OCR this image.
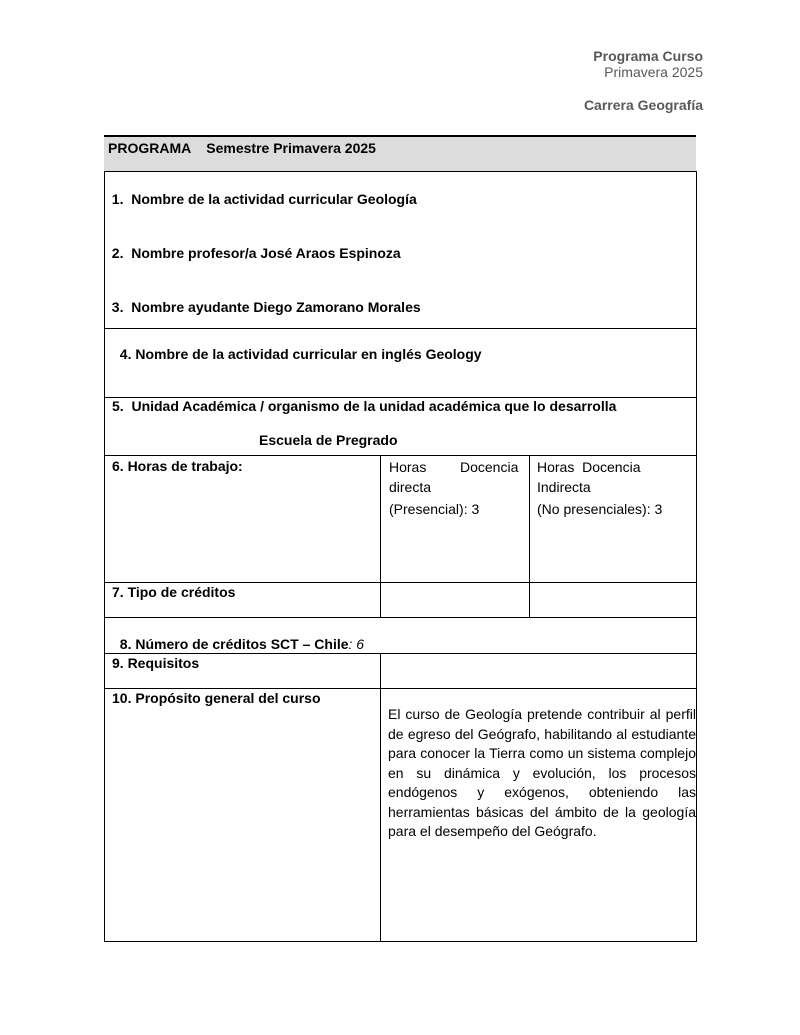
Programa Curso
Primavera 2025
Carrera Geografía
PROGRAMA    Semestre Primavera 2025

1. Nombre de la actividad curricular Geología

2. Nombre profesor/a José Araos Espinoza

3. Nombre ayudante Diego Zamorano Morales

4. Nombre de la actividad curricular en inglés Geology

5.  Unidad Académica / organismo de la unidad académica que lo desarrolla
Escuela de Pregrado
6. Horas de trabajo:	Horas Docencia
directa
(Presencial): 3
Horas  Docencia
Indirecta
(No presenciales): 3
7. Tipo de créditos

8. Número de créditos SCT – Chile: 6

9. Requisitos
10. Propósito general del curso
El curso de Geología pretende contribuir al perfil de egreso del Geógrafo, habilitando al estudiante para conocer la Tierra como un sistema complejo en su dinámica y evolución, los procesos endógenos y exógenos, obteniendo las herramientas básicas del ámbito de la geología para el desempeño del Geógrafo.
